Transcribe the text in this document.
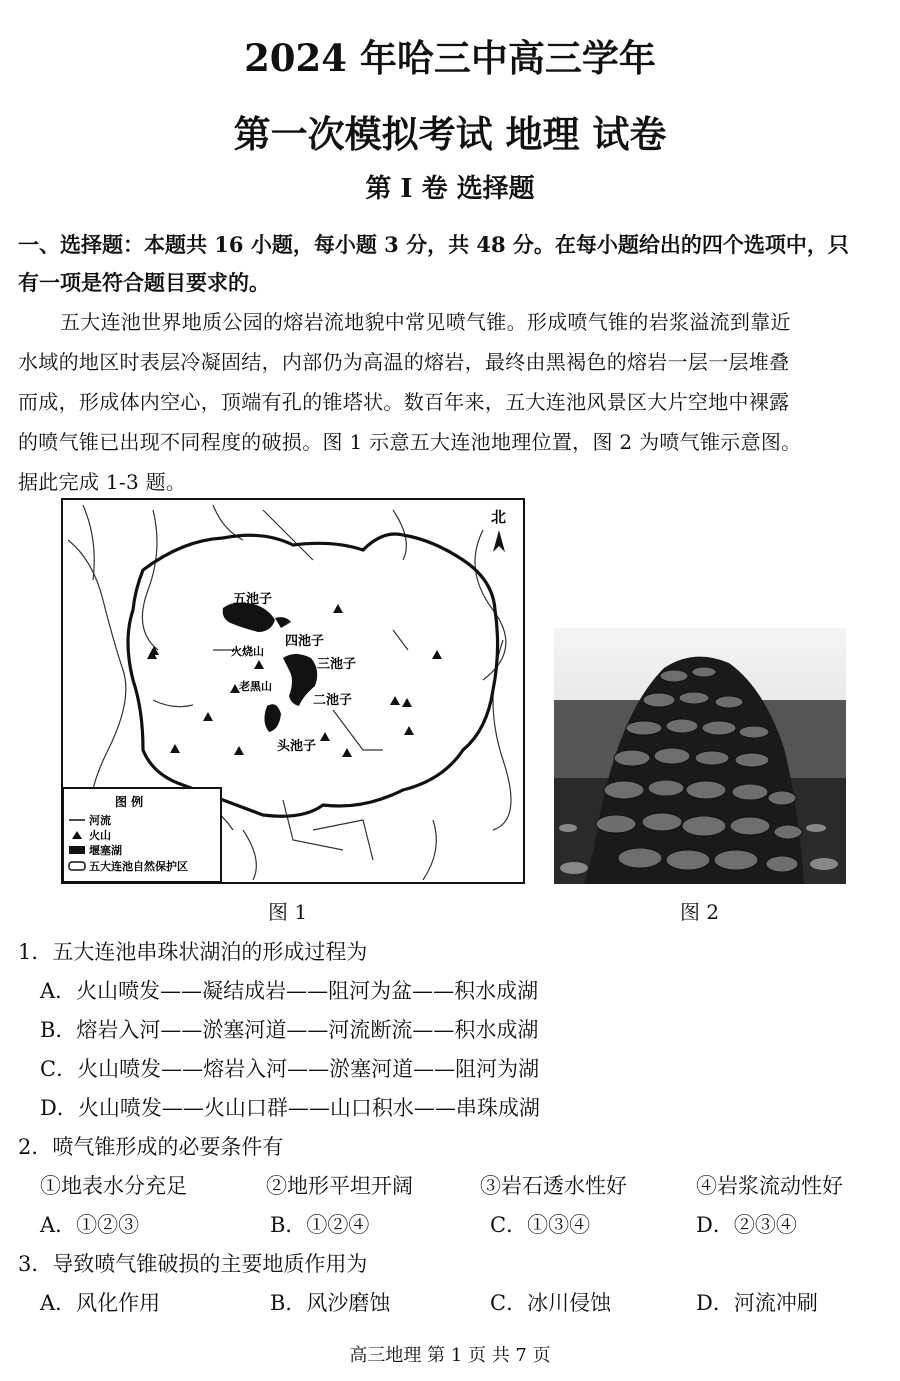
2024 年哈三中高三学年
第一次模拟考试 地理 试卷
第 I 卷 选择题
一、选择题：本题共 16 小题，每小题 3 分，共 48 分。在每小题给出的四个选项中，只
有一项是符合题目要求的。
五大连池世界地质公园的熔岩流地貌中常见喷气锥。形成喷气锥的岩浆溢流到靠近
水域的地区时表层冷凝固结，内部仍为高温的熔岩，最终由黑褐色的熔岩一层一层堆叠
而成，形成体内空心，顶端有孔的锥塔状。数百年来，五大连池风景区大片空地中裸露
的喷气锥已出现不同程度的破损。图 1 示意五大连池地理位置，图 2 为喷气锥示意图。
据此完成 1-3 题。
北
五池子
四池子
三池子
二池子
头池子
火烧山
老黑山
图 例
河流
火山
堰塞湖
五大连池自然保护区
图 1	图 2
1．五大连池串珠状湖泊的形成过程为
A．火山喷发——凝结成岩——阻河为盆——积水成湖
B．熔岩入河——淤塞河道——河流断流——积水成湖
C．火山喷发——熔岩入河——淤塞河道——阻河为湖
D．火山喷发——火山口群——山口积水——串珠成湖
2．喷气锥形成的必要条件有
①地表水分充足	②地形平坦开阔	③岩石透水性好	④岩浆流动性好
A．①②③	B．①②④	C．①③④	D．②③④
3．导致喷气锥破损的主要地质作用为
A．风化作用	B．风沙磨蚀	C．冰川侵蚀	D．河流冲刷
高三地理 第 1 页 共 7 页
